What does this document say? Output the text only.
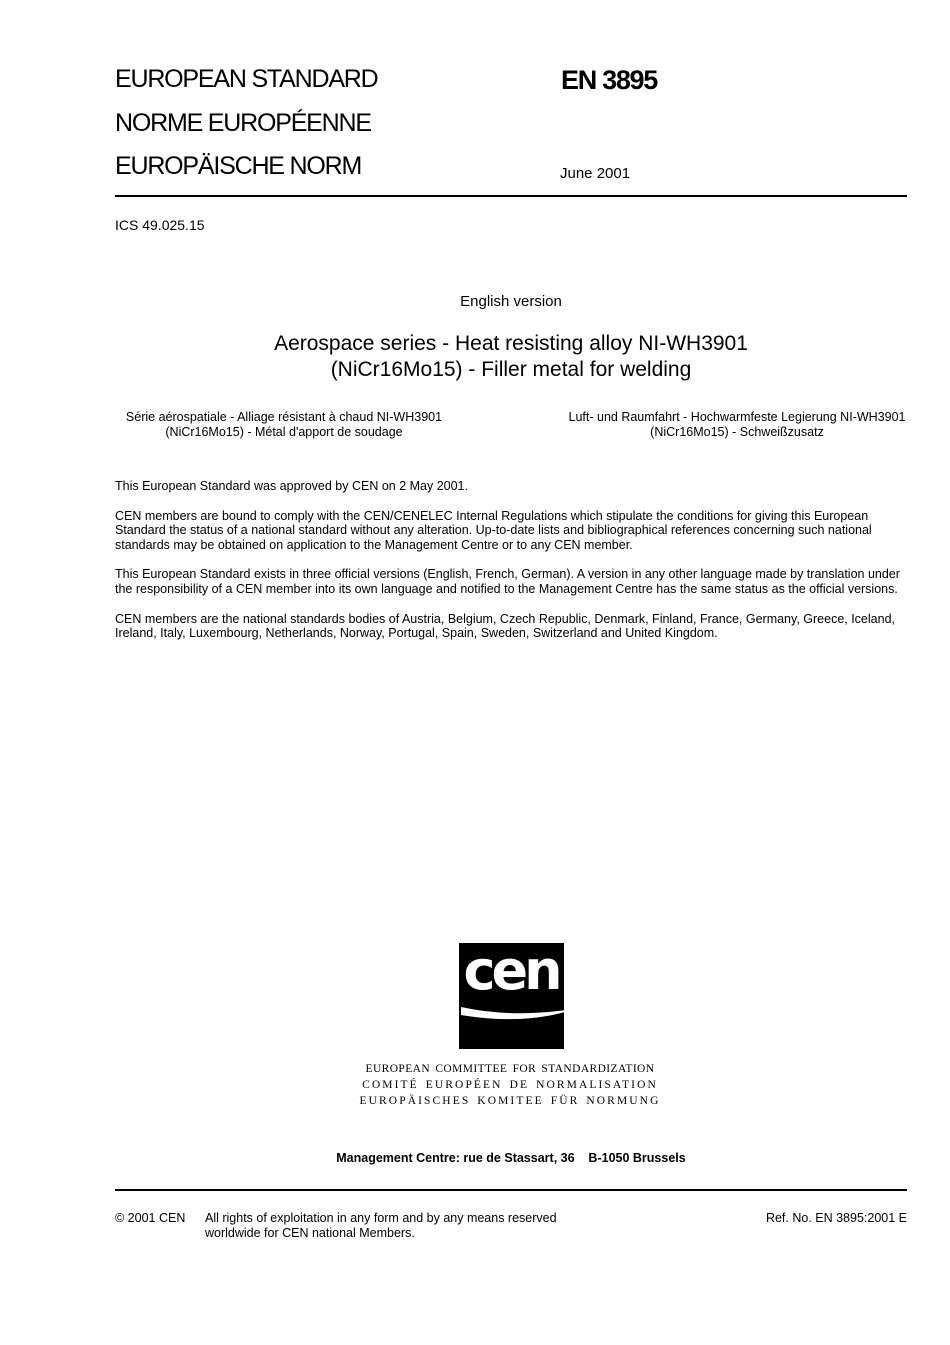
EUROPEAN STANDARD
NORME EUROPÉENNE
EUROPÄISCHE NORM
EN 3895
June 2001
ICS 49.025.15
English version
Aerospace series - Heat resisting alloy NI-WH3901
(NiCr16Mo15) - Filler metal for welding
Série aérospatiale - Alliage résistant à chaud NI-WH3901 (NiCr16Mo15) - Métal d'apport de soudage
Luft- und Raumfahrt - Hochwarmfeste Legierung NI-WH3901 (NiCr16Mo15) - Schweißzusatz

This European Standard was approved by CEN on 2 May 2001.

CEN members are bound to comply with the CEN/CENELEC Internal Regulations which stipulate the conditions for giving this European Standard the status of a national standard without any alteration. Up-to-date lists and bibliographical references concerning such national standards may be obtained on application to the Management Centre or to any CEN member.

This European Standard exists in three official versions (English, French, German). A version in any other language made by translation under the responsibility of a CEN member into its own language and notified to the Management Centre has the same status as the official versions.

CEN members are the national standards bodies of Austria, Belgium, Czech Republic, Denmark, Finland, France, Germany, Greece, Iceland, Ireland, Italy, Luxembourg, Netherlands, Norway, Portugal, Spain, Sweden, Switzerland and United Kingdom.

cen
EUROPEAN COMMITTEE FOR STANDARDIZATION
COMITÉ EUROPÉEN DE NORMALISATION
EUROPÄISCHES KOMITEE FÜR NORMUNG
Management Centre: rue de Stassart, 36    B-1050 Brussels
© 2001 CEN All rights of exploitation in any form and by any means reserved worldwide for CEN national Members.
Ref. No. EN 3895:2001 E
